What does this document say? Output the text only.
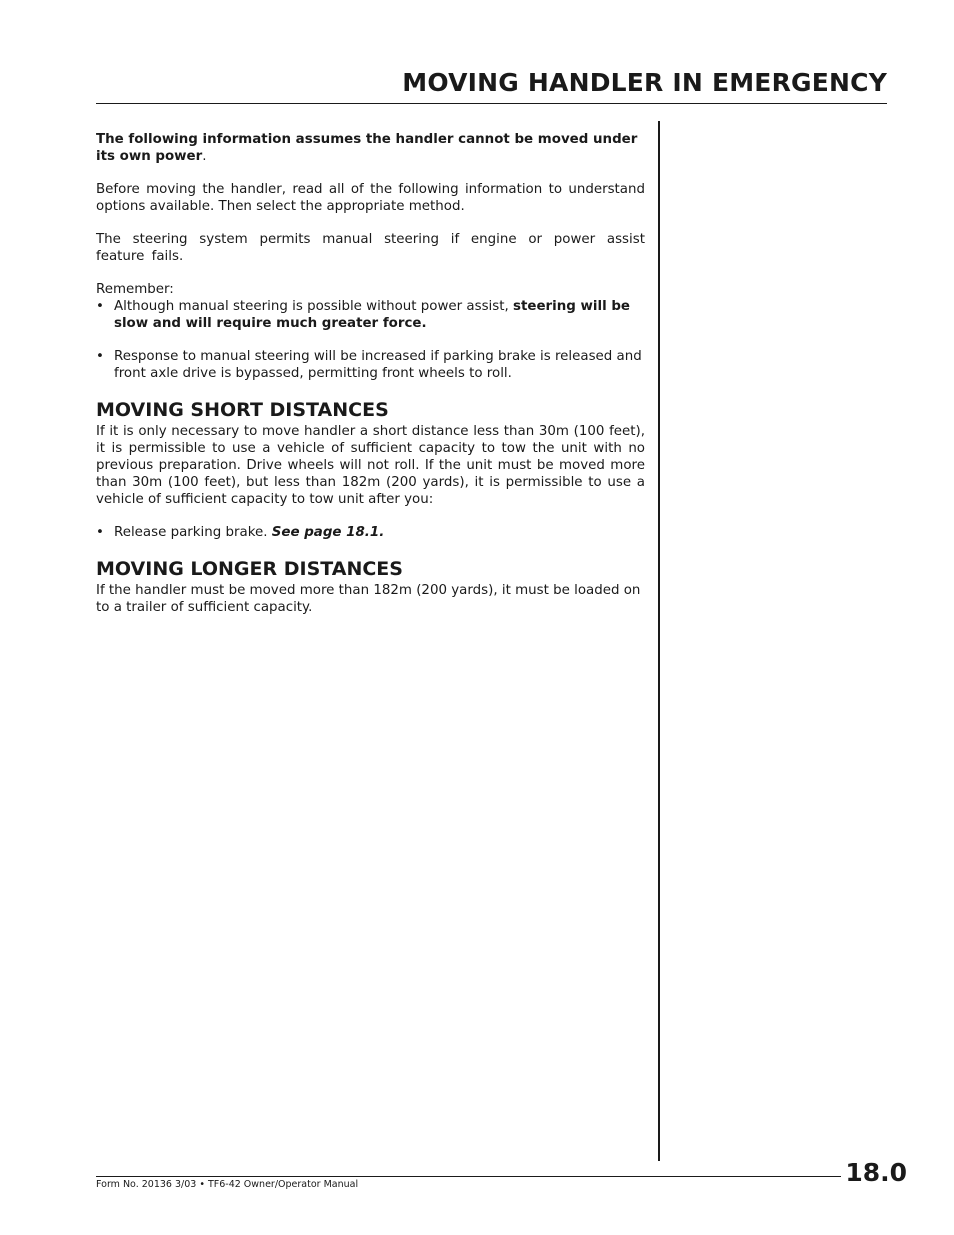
MOVING HANDLER IN EMERGENCY

The following information assumes the handler cannot be moved under its own power.

Before moving the handler, read all of the following information to understand options available. Then select the appropriate method.

The steering system permits manual steering if engine or power assist feature fails.

Remember:

• Although manual steering is possible without power assist, steering will be slow and will require much greater force.
• Response to manual steering will be increased if parking brake is released and front axle drive is bypassed, permitting front wheels to roll.
MOVING SHORT DISTANCES

If it is only necessary to move handler a short distance less than 30m (100 feet), it is permissible to use a vehicle of sufficient capacity to tow the unit with no previous preparation. Drive wheels will not roll. If the unit must be moved more than 30m (100 feet), but less than 182m (200 yards), it is permissible to use a vehicle of sufficient capacity to tow unit after you:

• Release parking brake. See page 18.1.
MOVING LONGER DISTANCES

If the handler must be moved more than 182m (200 yards), it must be loaded on to a trailer of sufficient capacity.

Form No. 20136 3/03 • TF6-42 Owner/Operator Manual	18.0
